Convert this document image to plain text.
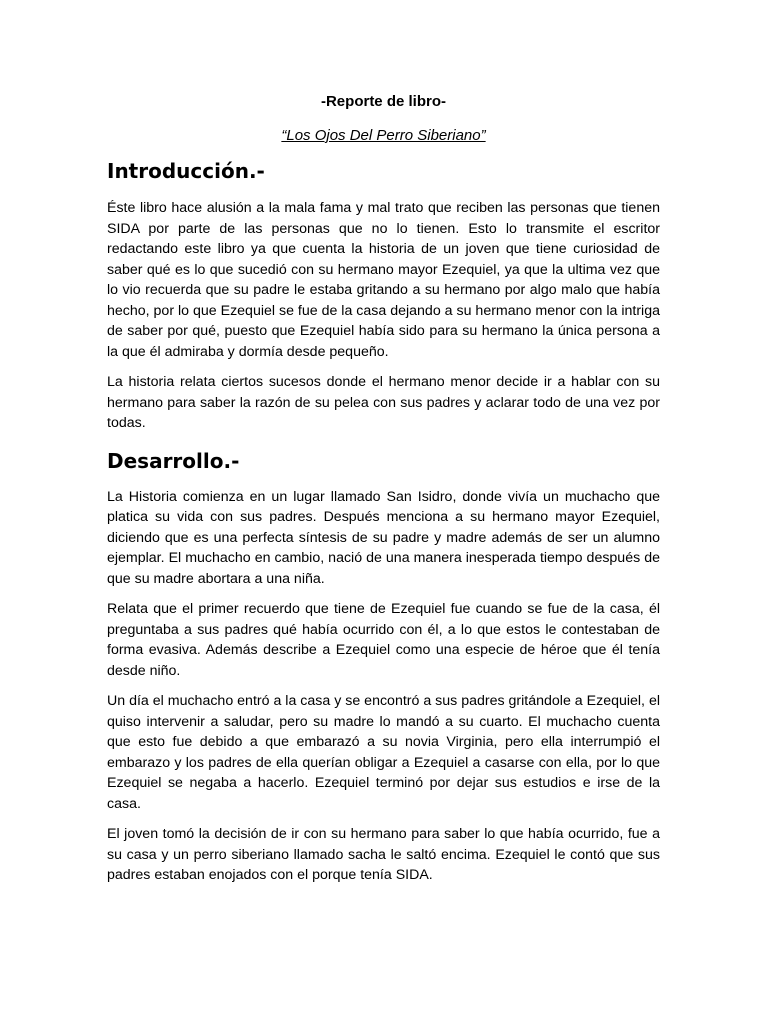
-Reporte de libro-
“Los Ojos Del Perro Siberiano”
Introducción.-

Éste libro hace alusión a la mala fama y mal trato que reciben las personas que tienen SIDA por parte de las personas que no lo tienen. Esto lo transmite el escritor redactando este libro ya que cuenta la historia de un joven que tiene curiosidad de saber qué es lo que sucedió con su hermano mayor Ezequiel, ya que la ultima vez que lo vio recuerda que su padre le estaba gritando a su hermano por algo malo que había hecho, por lo que Ezequiel se fue de la casa dejando a su hermano menor con la intriga de saber por qué, puesto que Ezequiel había sido para su hermano la única persona a la que él admiraba y dormía desde pequeño.

La historia relata ciertos sucesos donde el hermano menor decide ir a hablar con su hermano para saber la razón de su pelea con sus padres y aclarar todo de una vez por todas.

Desarrollo.-

La Historia comienza en un lugar llamado San Isidro, donde vivía un muchacho que platica su vida con sus padres. Después menciona a su hermano mayor Ezequiel, diciendo que es una perfecta síntesis de su padre y madre además de ser un alumno ejemplar. El muchacho en cambio, nació de una manera inesperada tiempo después de que su madre abortara a una niña.

Relata que el primer recuerdo que tiene de Ezequiel fue cuando se fue de la casa, él preguntaba a sus padres qué había ocurrido con él, a lo que estos le contestaban de forma evasiva. Además describe a Ezequiel como una especie de héroe que él tenía desde niño.

Un día el muchacho entró a la casa y se encontró a sus padres gritándole a Ezequiel, el quiso intervenir a saludar, pero su madre lo mandó a su cuarto. El muchacho cuenta que esto fue debido a que embarazó a su novia Virginia, pero ella interrumpió el embarazo y los padres de ella querían obligar a Ezequiel a casarse con ella, por lo que Ezequiel se negaba a hacerlo. Ezequiel terminó por dejar sus estudios e irse de la casa.

El joven tomó la decisión de ir con su hermano para saber lo que había ocurrido, fue a su casa y un perro siberiano llamado sacha le saltó encima. Ezequiel le contó que sus padres estaban enojados con el porque tenía SIDA.
